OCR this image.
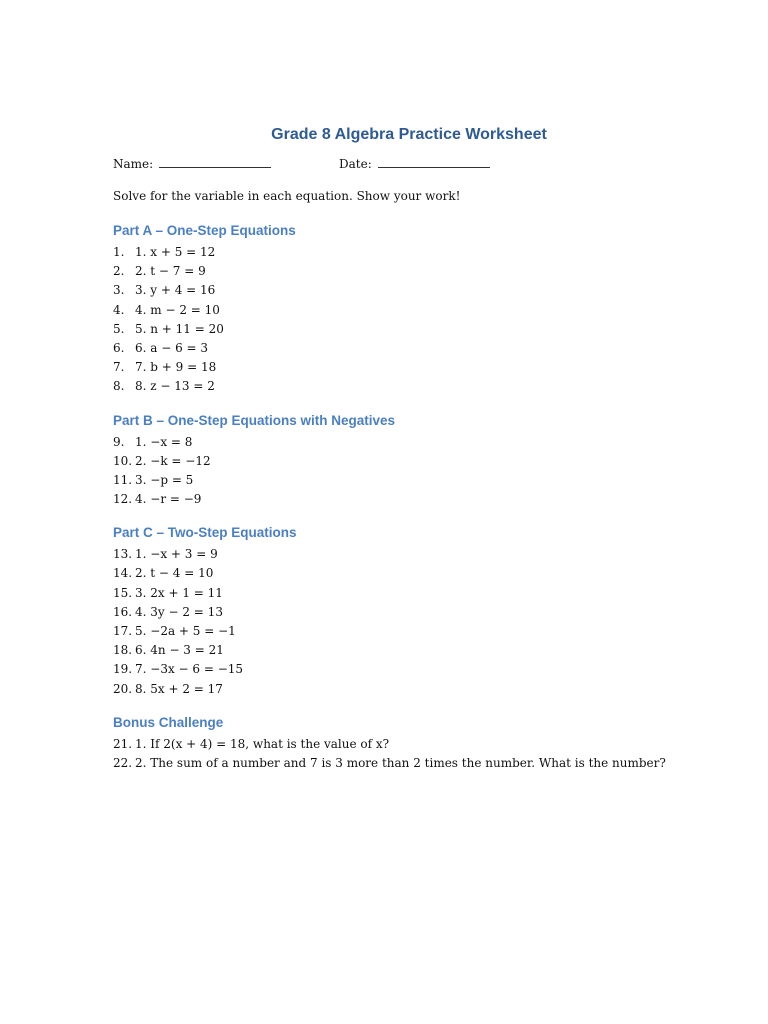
Grade 8 Algebra Practice Worksheet
Name:	Date:

Solve for the variable in each equation. Show your work!

Part A – One-Step Equations
1. 1. x + 5 = 12
2. 2. t − 7 = 9
3. 3. y + 4 = 16
4. 4. m − 2 = 10
5. 5. n + 11 = 20
6. 6. a − 6 = 3
7. 7. b + 9 = 18
8. 8. z − 13 = 2
Part B – One-Step Equations with Negatives
9. 1. −x = 8
10. 2. −k = −12
11. 3. −p = 5
12. 4. −r = −9
Part C – Two-Step Equations
13. 1. −x + 3 = 9
14. 2. t − 4 = 10
15. 3. 2x + 1 = 11
16. 4. 3y − 2 = 13
17. 5. −2a + 5 = −1
18. 6. 4n − 3 = 21
19. 7. −3x − 6 = −15
20. 8. 5x + 2 = 17
Bonus Challenge
21. 1. If 2(x + 4) = 18, what is the value of x?
22. 2. The sum of a number and 7 is 3 more than 2 times the number. What is the number?
